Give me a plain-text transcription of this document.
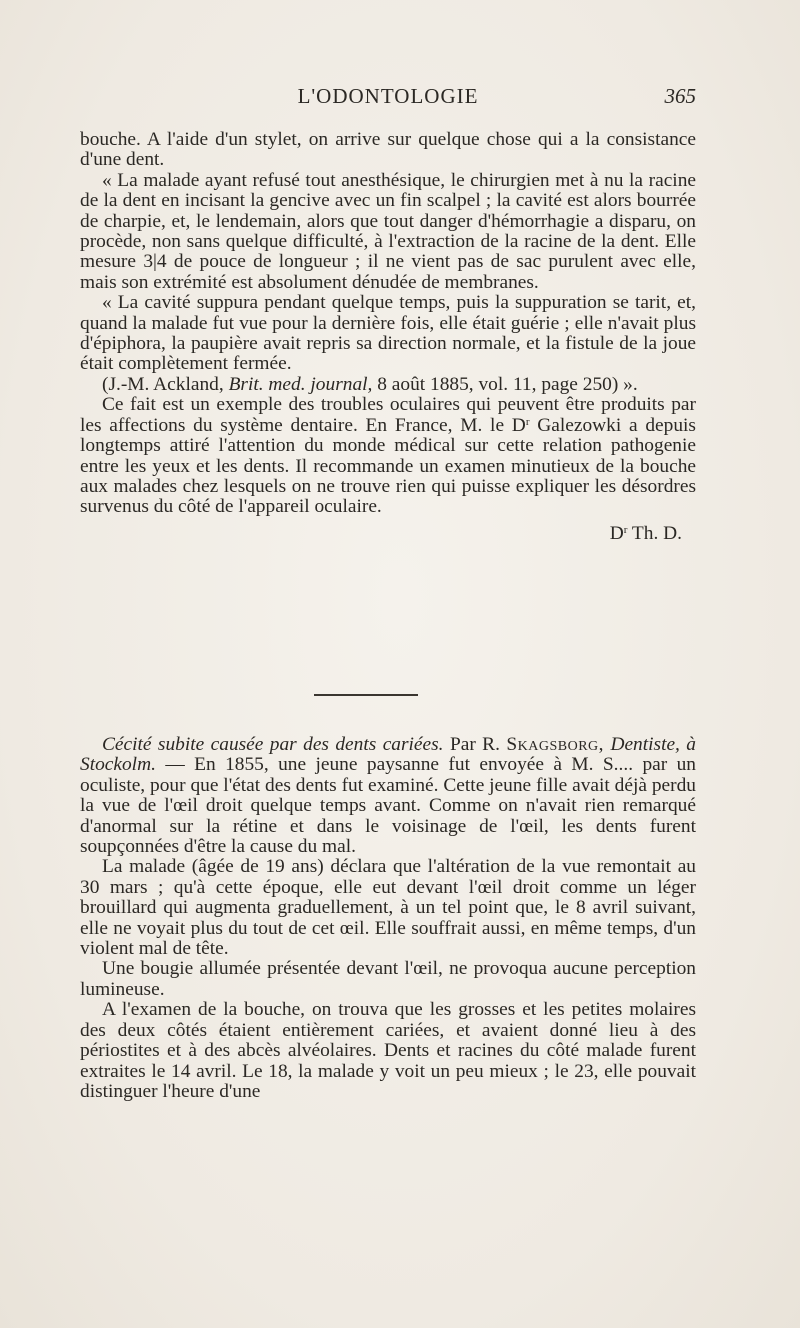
L'ODONTOLOGIE	365

bouche. A l'aide d'un stylet, on arrive sur quelque chose qui a la consistance d'une dent.

« La malade ayant refusé tout anesthésique, le chirurgien met à nu la racine de la dent en incisant la gencive avec un fin scalpel ; la cavité est alors bourrée de charpie, et, le lendemain, alors que tout danger d'hémorrhagie a disparu, on procède, non sans quelque difficulté, à l'extraction de la racine de la dent. Elle mesure 3|4 de pouce de longueur ; il ne vient pas de sac purulent avec elle, mais son extrémité est absolument dénudée de membranes.

« La cavité suppura pendant quelque temps, puis la suppuration se tarit, et, quand la malade fut vue pour la dernière fois, elle était guérie ; elle n'avait plus d'épiphora, la paupière avait repris sa direction normale, et la fistule de la joue était complètement fermée.

(J.-M. Ackland, Brit. med. journal, 8 août 1885, vol. 11, page 250) ».

Ce fait est un exemple des troubles oculaires qui peuvent être produits par les affections du système dentaire. En France, M. le $D^r$ Galezowki a depuis longtemps attiré l'attention du monde médical sur cette relation pathogenie entre les yeux et les dents. Il recommande un examen minutieux de la bouche aux malades chez lesquels on ne trouve rien qui puisse expliquer les désordres survenus du côté de l'appareil oculaire.

$D^r$ Th. D.

Cécité subite causée par des dents cariées. Par R. Skagsborg, Dentiste, à Stockolm. — En 1855, une jeune paysanne fut envoyée à M. S.... par un oculiste, pour que l'état des dents fut examiné. Cette jeune fille avait déjà perdu la vue de l'œil droit quelque temps avant. Comme on n'avait rien remarqué d'anormal sur la rétine et dans le voisinage de l'œil, les dents furent soupçonnées d'être la cause du mal.

La malade (âgée de 19 ans) déclara que l'altération de la vue remontait au 30 mars ; qu'à cette époque, elle eut devant l'œil droit comme un léger brouillard qui augmenta graduellement, à un tel point que, le 8 avril suivant, elle ne voyait plus du tout de cet œil. Elle souffrait aussi, en même temps, d'un violent mal de tête.

Une bougie allumée présentée devant l'œil, ne provoqua aucune perception lumineuse.

A l'examen de la bouche, on trouva que les grosses et les petites molaires des deux côtés étaient entièrement cariées, et avaient donné lieu à des périostites et à des abcès alvéolaires. Dents et racines du côté malade furent extraites le 14 avril. Le 18, la malade y voit un peu mieux ; le 23, elle pouvait distinguer l'heure d'une
